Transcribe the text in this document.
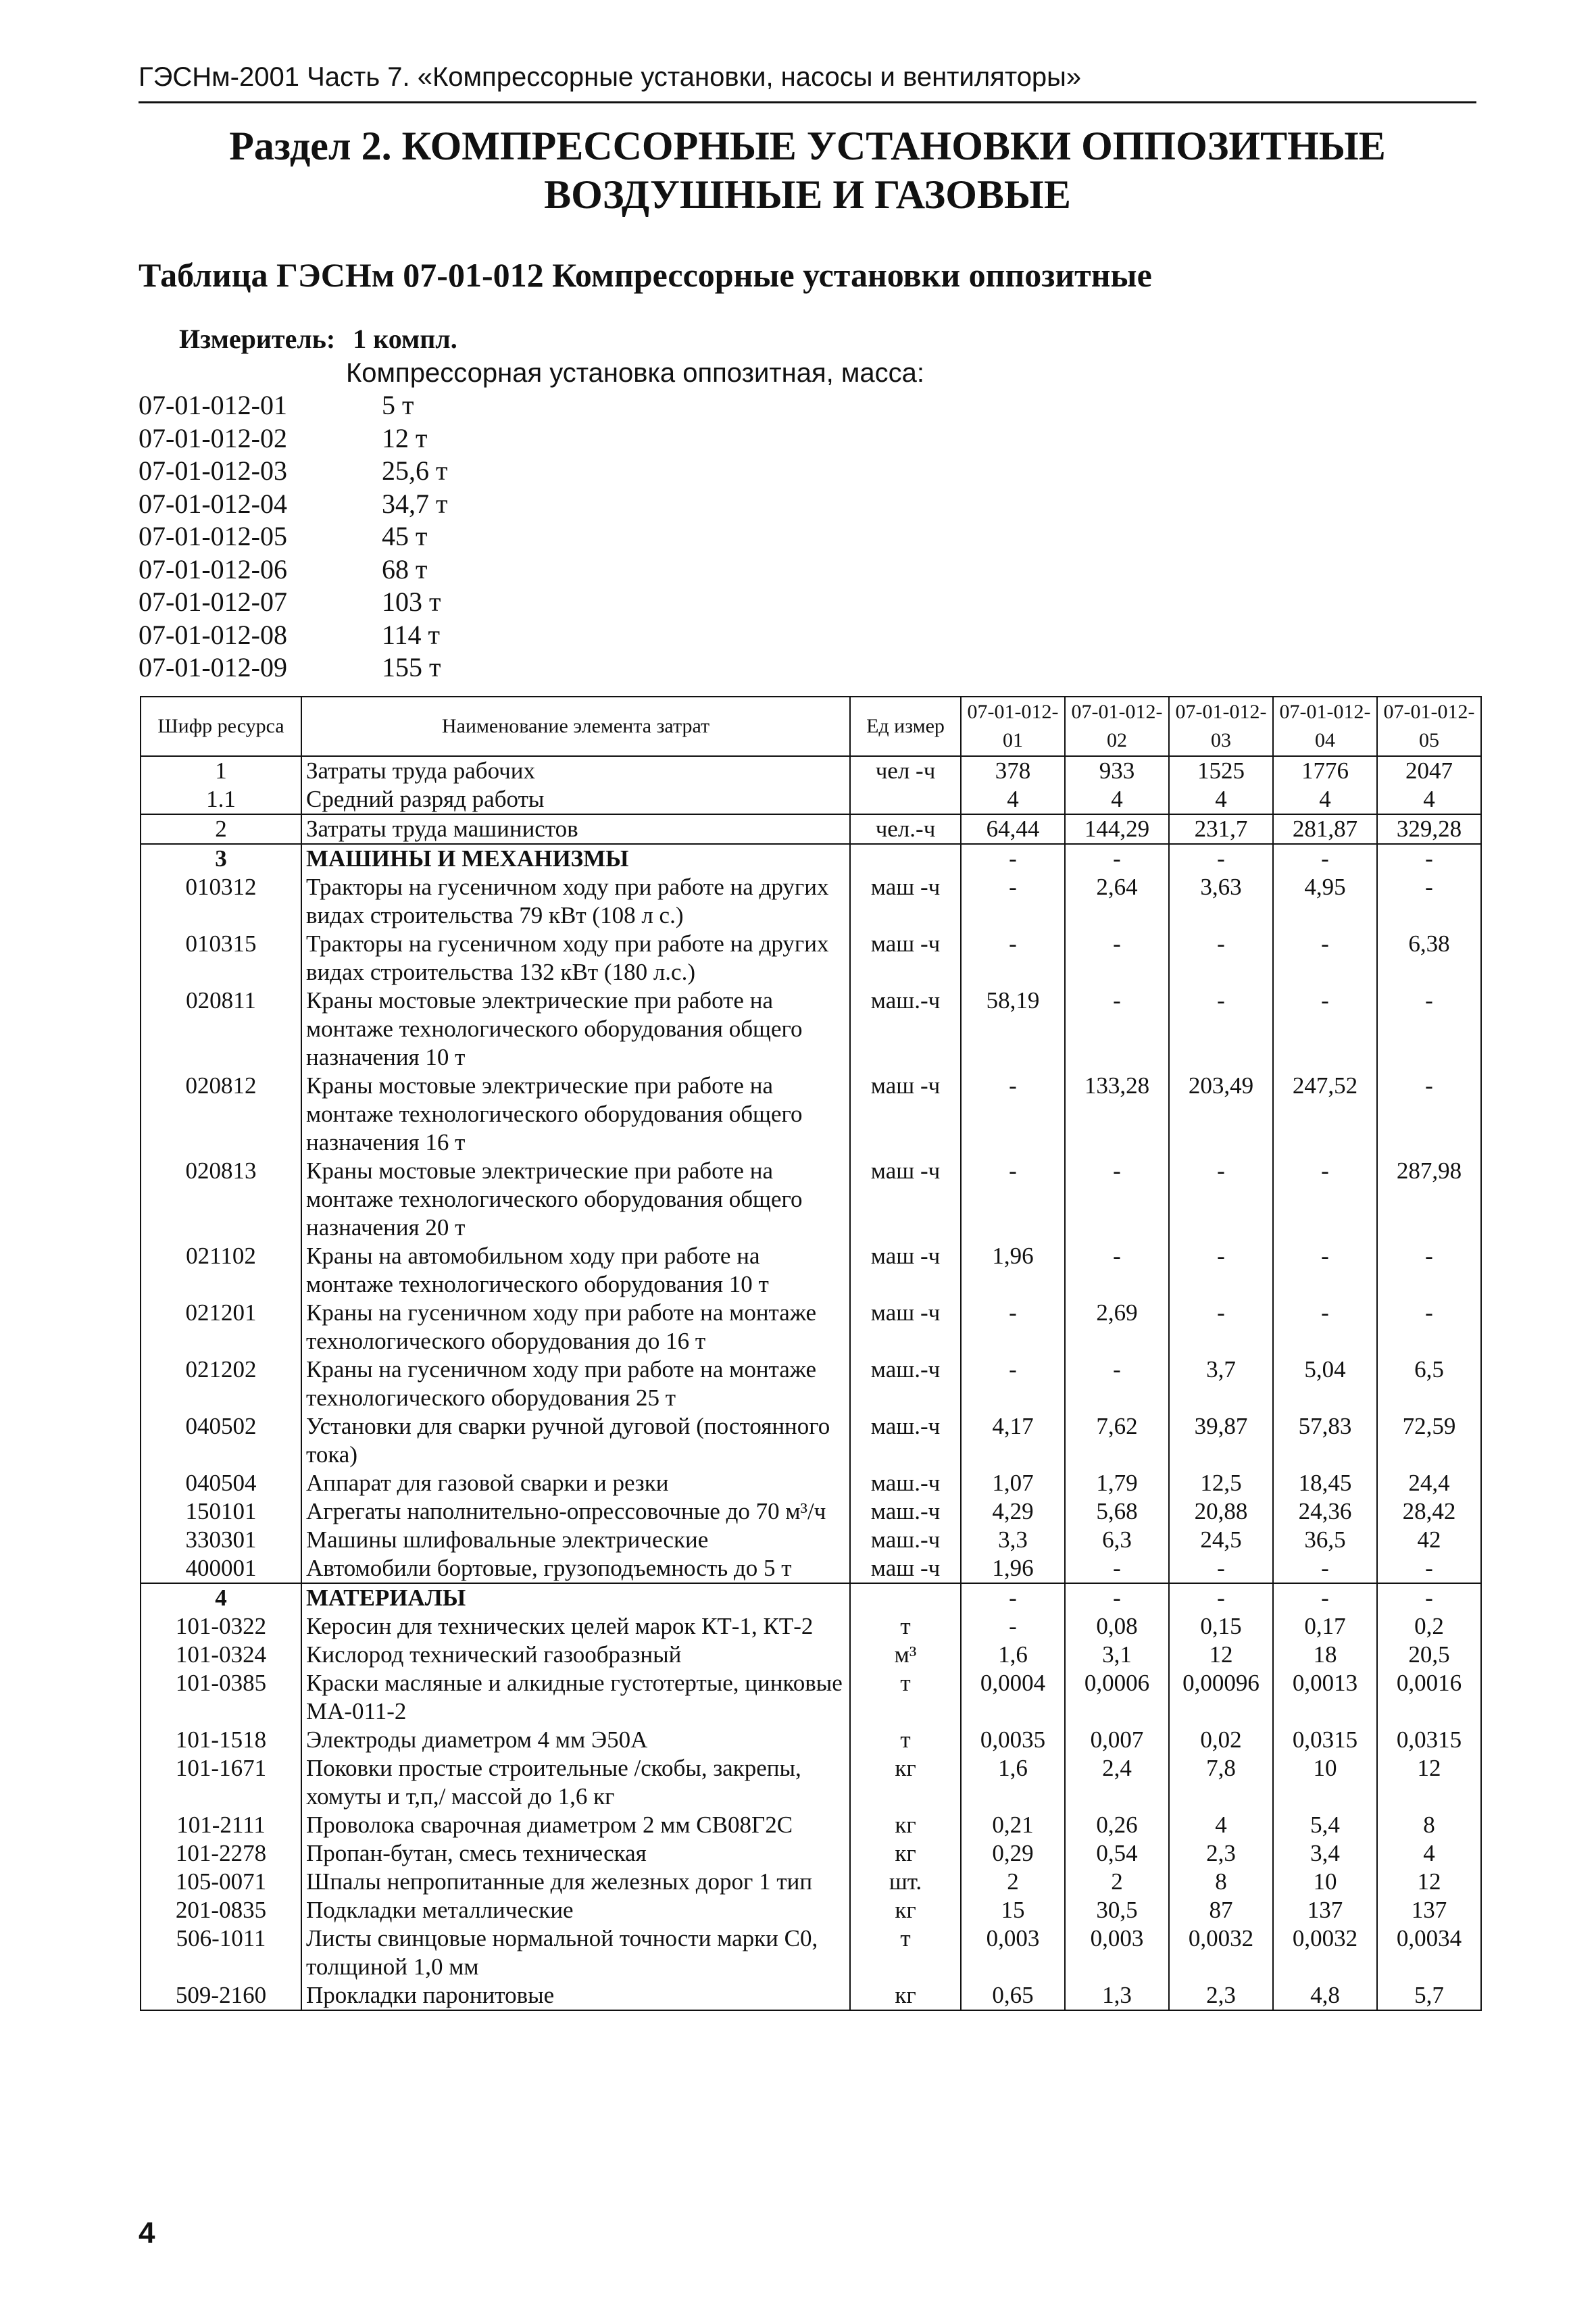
ГЭСНм-2001 Часть 7. «Компрессорные установки, насосы и вентиляторы»
Раздел 2. КОМПРЕССОРНЫЕ УСТАНОВКИ ОППОЗИТНЫЕ
ВОЗДУШНЫЕ И ГАЗОВЫЕ
Таблица ГЭСНм 07-01-012 Компрессорные установки оппозитные
Измеритель: 1 компл.
Компрессорная установка оппозитная, масса:
07-01-012-01	5 т
07-01-012-02	12 т
07-01-012-03	25,6 т
07-01-012-04	34,7 т
07-01-012-05	45 т
07-01-012-06	68 т
07-01-012-07	103 т
07-01-012-08	114 т
07-01-012-09	155 т
Шифр ресурса	Наименование элемента затрат	Ед измер	07-01-012-01	07-01-012-02	07-01-012-03	07-01-012-04	07-01-012-05
1	Затраты труда рабочих	чел -ч	378	933	1525	1776	2047
1.1	Средний разряд работы		4	4	4	4	4
2	Затраты труда машинистов	чел.-ч	64,44	144,29	231,7	281,87	329,28
3	МАШИНЫ И МЕХАНИЗМЫ		-	-	-	-	-
010312	Тракторы на гусеничном ходу при работе на других видах строительства 79 кВт (108 л с.)	маш -ч	-	2,64	3,63	4,95	-
010315	Тракторы на гусеничном ходу при работе на других видах строительства 132 кВт (180 л.с.)	маш -ч	-	-	-	-	6,38
020811	Краны мостовые электрические при работе на монтаже технологического оборудования общего назначения 10 т	маш.-ч	58,19	-	-	-	-
020812	Краны мостовые электрические при работе на монтаже технологического оборудования общего назначения 16 т	маш -ч	-	133,28	203,49	247,52	-
020813	Краны мостовые электрические при работе на монтаже технологического оборудования общего назначения 20 т	маш -ч	-	-	-	-	287,98
021102	Краны на автомобильном ходу при работе на монтаже технологического оборудования 10 т	маш -ч	1,96	-	-	-	-
021201	Краны на гусеничном ходу при работе на монтаже технологического оборудования до 16 т	маш -ч	-	2,69	-	-	-
021202	Краны на гусеничном ходу при работе на монтаже технологического оборудования 25 т	маш.-ч	-	-	3,7	5,04	6,5
040502	Установки для сварки ручной дуговой (постоянного тока)	маш.-ч	4,17	7,62	39,87	57,83	72,59
040504	Аппарат для газовой сварки и резки	маш.-ч	1,07	1,79	12,5	18,45	24,4
150101	Агрегаты наполнительно-опрессовочные до 70 м³/ч	маш.-ч	4,29	5,68	20,88	24,36	28,42
330301	Машины шлифовальные электрические	маш.-ч	3,3	6,3	24,5	36,5	42
400001	Автомобили бортовые, грузоподъемность до 5 т	маш -ч	1,96	-	-	-	-
4	МАТЕРИАЛЫ		-	-	-	-	-
101-0322	Керосин для технических целей марок КТ-1, КТ-2	т	-	0,08	0,15	0,17	0,2
101-0324	Кислород технический газообразный	м³	1,6	3,1	12	18	20,5
101-0385	Краски масляные и алкидные густотертые, цинковые МА-011-2	т	0,0004	0,0006	0,00096	0,0013	0,0016
101-1518	Электроды диаметром 4 мм Э50А	т	0,0035	0,007	0,02	0,0315	0,0315
101-1671	Поковки простые строительные /скобы, закрепы, хомуты и т,п,/ массой до 1,6 кг	кг	1,6	2,4	7,8	10	12
101-2111	Проволока сварочная диаметром 2 мм СВ08Г2С	кг	0,21	0,26	4	5,4	8
101-2278	Пропан-бутан, смесь техническая	кг	0,29	0,54	2,3	3,4	4
105-0071	Шпалы непропитанные для железных дорог 1 тип	шт.	2	2	8	10	12
201-0835	Подкладки металлические	кг	15	30,5	87	137	137
506-1011	Листы свинцовые нормальной точности марки С0, толщиной 1,0 мм	т	0,003	0,003	0,0032	0,0032	0,0034
509-2160	Прокладки паронитовые	кг	0,65	1,3	2,3	4,8	5,7
4
